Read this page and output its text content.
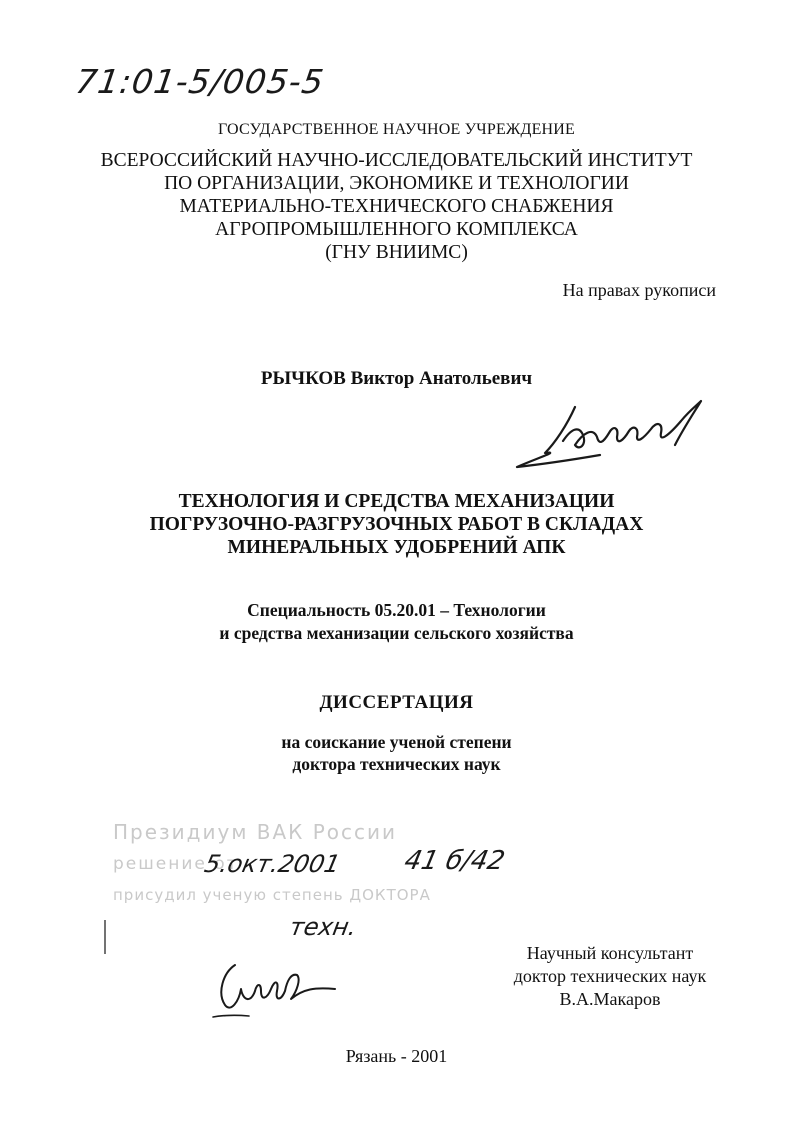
71:01-5/005-5
ГОСУДАРСТВЕННОЕ НАУЧНОЕ УЧРЕЖДЕНИЕ
ВСЕРОССИЙСКИЙ НАУЧНО-ИССЛЕДОВАТЕЛЬСКИЙ ИНСТИТУТ
ПО ОРГАНИЗАЦИИ, ЭКОНОМИКЕ И ТЕХНОЛОГИИ
МАТЕРИАЛЬНО-ТЕХНИЧЕСКОГО СНАБЖЕНИЯ
АГРОПРОМЫШЛЕННОГО КОМПЛЕКСА
(ГНУ ВНИИМС)
На правах рукописи
РЫЧКОВ Виктор Анатольевич
ТЕХНОЛОГИЯ И СРЕДСТВА МЕХАНИЗАЦИИ
ПОГРУЗОЧНО-РАЗГРУЗОЧНЫХ РАБОТ В СКЛАДАХ
МИНЕРАЛЬНЫХ УДОБРЕНИЙ АПК
Специальность 05.20.01 – Технологии
и средства механизации сельского хозяйства
ДИССЕРТАЦИЯ
на соискание ученой степени
доктора технических наук
Президиум ВАК России
решение от
присудил ученую степень ДОКТОРА
5.окт.2001 41 б/42
техн.
Научный консультант
доктор технических наук
В.А.Макаров
Рязань - 2001
